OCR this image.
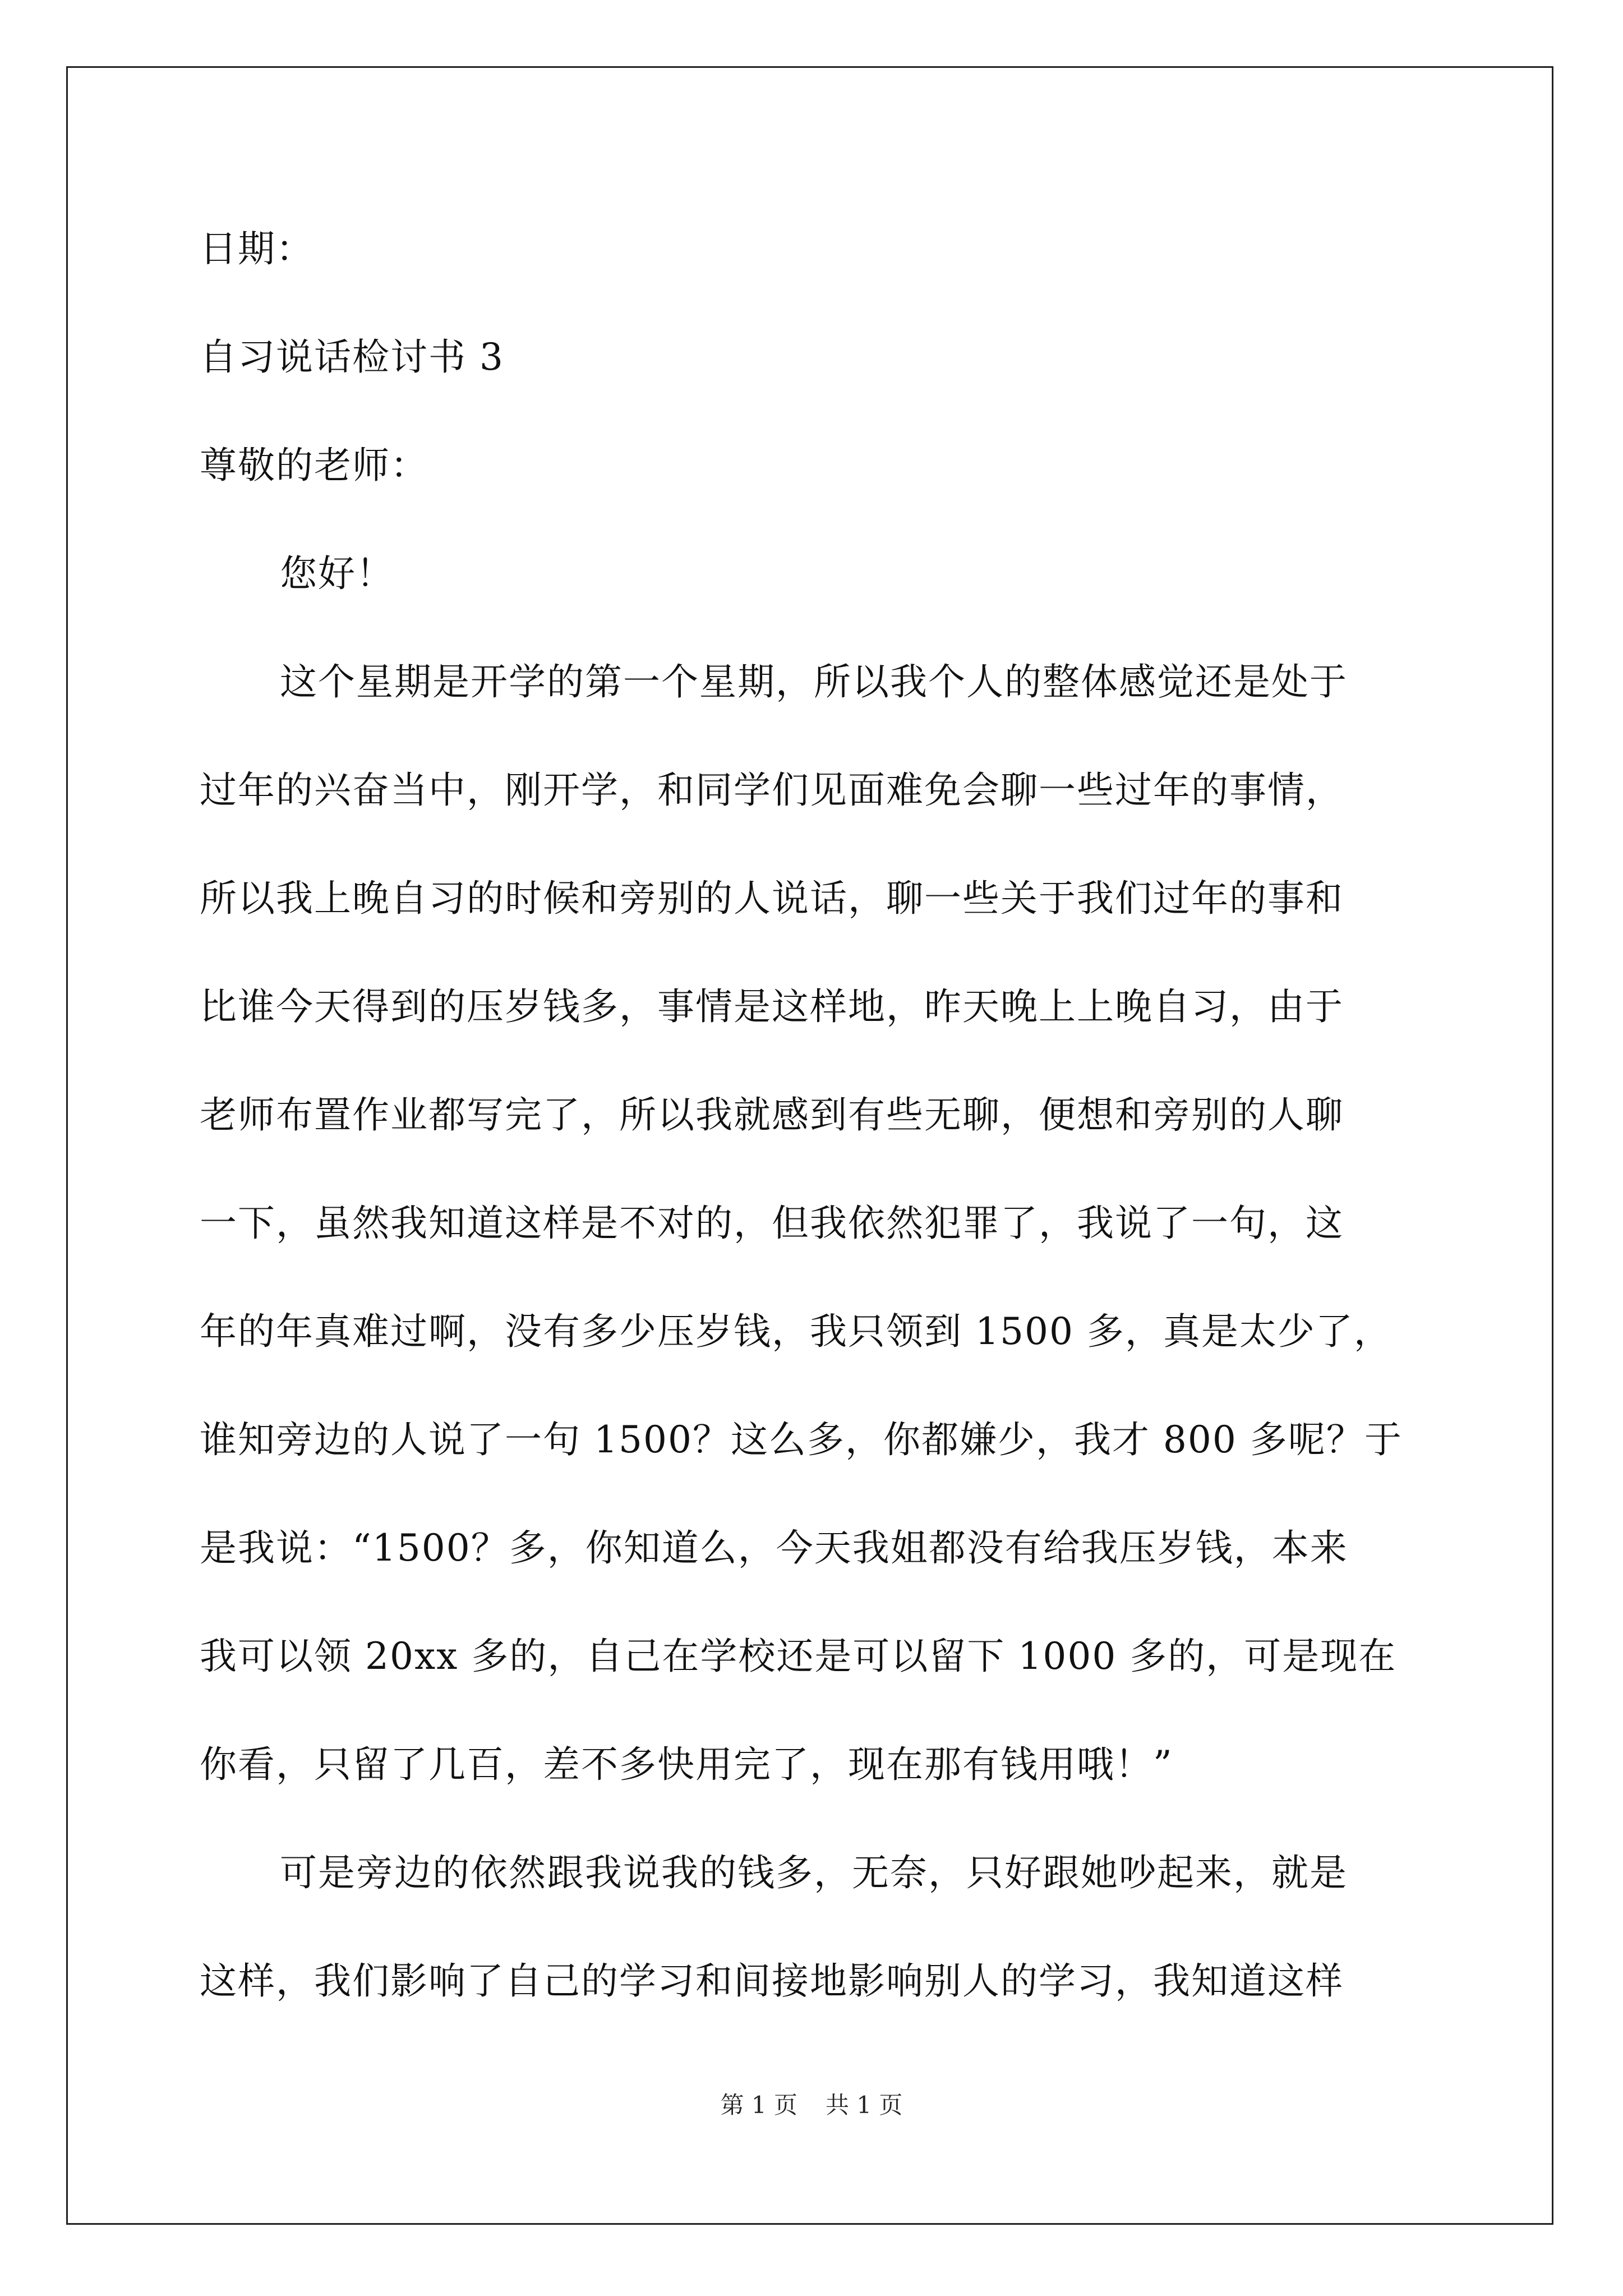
日期：
自习说话检讨书 3
尊敬的老师：
您好！
这个星期是开学的第一个星期，所以我个人的整体感觉还是处于
过年的兴奋当中，刚开学，和同学们见面难免会聊一些过年的事情，
所以我上晚自习的时候和旁别的人说话，聊一些关于我们过年的事和
比谁今天得到的压岁钱多，事情是这样地，昨天晚上上晚自习，由于
老师布置作业都写完了，所以我就感到有些无聊，便想和旁别的人聊
一下，虽然我知道这样是不对的，但我依然犯罪了，我说了一句，这
年的年真难过啊，没有多少压岁钱，我只领到 1500 多，真是太少了，
谁知旁边的人说了一句 1500？这么多，你都嫌少，我才 800 多呢？于
是我说：“1500？多，你知道么，今天我姐都没有给我压岁钱，本来
我可以领 20xx 多的，自己在学校还是可以留下 1000 多的，可是现在
你看，只留了几百，差不多快用完了，现在那有钱用哦！”
可是旁边的依然跟我说我的钱多，无奈，只好跟她吵起来，就是
这样，我们影响了自己的学习和间接地影响别人的学习，我知道这样
第 1 页 共 1 页
